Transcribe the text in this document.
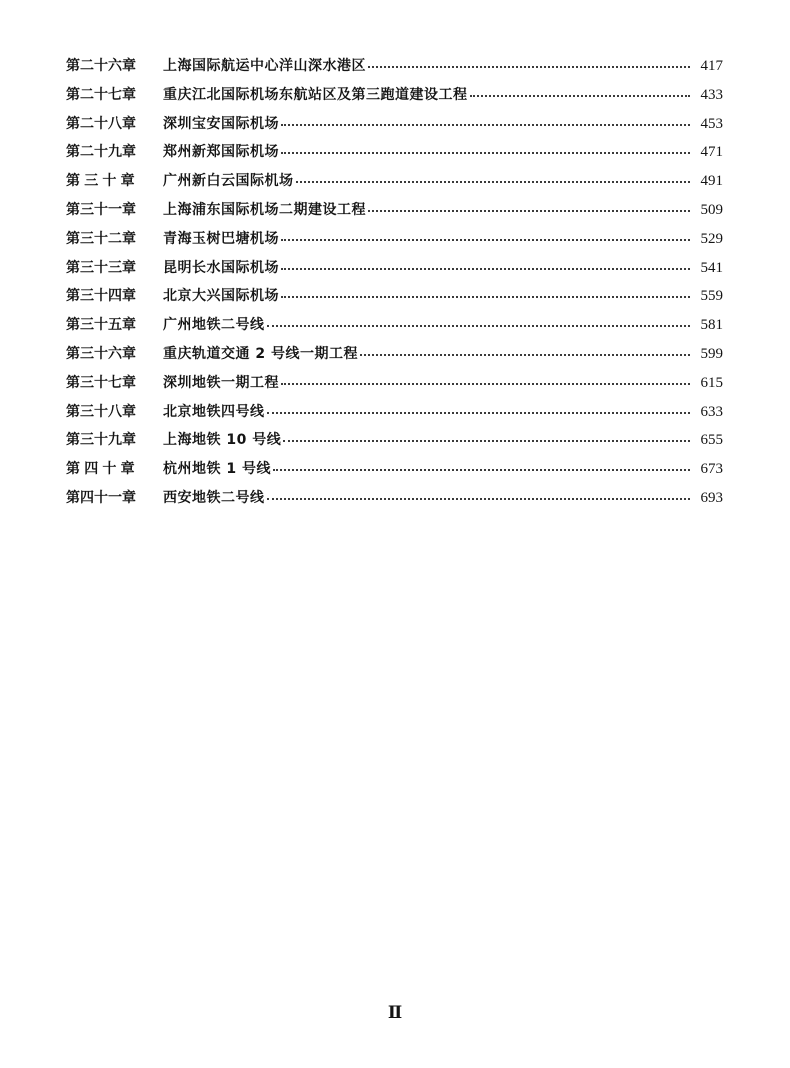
第二十六章	上海国际航运中心洋山深水港区	417
第二十七章	重庆江北国际机场东航站区及第三跑道建设工程	433
第二十八章	深圳宝安国际机场	453
第二十九章	郑州新郑国际机场	471
第三十章	广州新白云国际机场	491
第三十一章	上海浦东国际机场二期建设工程	509
第三十二章	青海玉树巴塘机场	529
第三十三章	昆明长水国际机场	541
第三十四章	北京大兴国际机场	559
第三十五章	广州地铁二号线	581
第三十六章	重庆轨道交通 2 号线一期工程	599
第三十七章	深圳地铁一期工程	615
第三十八章	北京地铁四号线	633
第三十九章	上海地铁 10 号线	655
第四十章	杭州地铁 1 号线	673
第四十一章	西安地铁二号线	693
Ⅱ
